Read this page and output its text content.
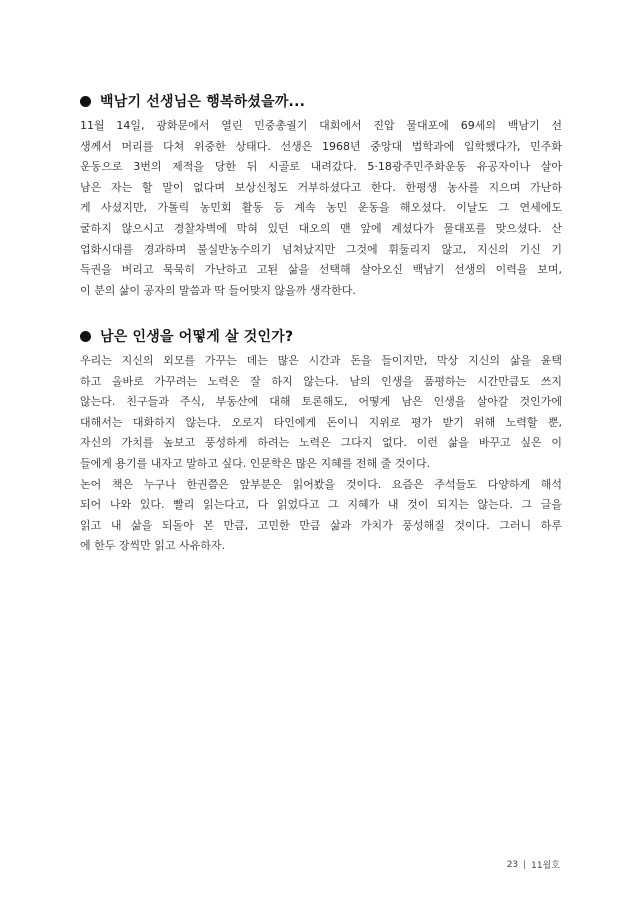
백남기 선생님은 행복하셨을까...
11월 14일, 광화문에서 열린 민중총궐기 대회에서 진압 물대포에 69세의 백남기 선
생께서 머리를 다쳐 위중한 상태다. 선생은 1968년 중앙대 법학과에 입학했다가, 민주화
운동으로 3번의 제적을 당한 뒤 시골로 내려갔다. 5·18광주민주화운동 유공자이나 살아
남은 자는 할 말이 없다며 보상신청도 거부하셨다고 한다. 한평생 농사를 지으며 가난하
게 사셨지만, 가톨릭 농민회 활동 등 계속 농민 운동을 해오셨다. 이날도 그 연세에도
굴하지 않으시고 경찰차벽에 막혀 있던 대오의 맨 앞에 계셨다가 물대포를 맞으셨다. 산
업화시대를 경과하며 불실반농수의기 넘쳐났지만 그것에 휘둘리지 않고, 지신의 기신 기
득권을 버리고 묵묵히 가난하고 고된 삶을 선택해 살아오신 백남기 선생의 이력을 보며,
이 분의 삶이 공자의 말씀과 딱 들어맞지 않을까 생각한다.
남은 인생을 어떻게 살 것인가?
우리는 지신의 외모를 가꾸는 데는 많은 시간과 돈을 들이지만, 막상 지신의 삶을 윤택
하고 올바로 가꾸려는 노력은 잘 하지 않는다. 남의 인생을 품평하는 시간만큼도 쓰지
않는다. 친구들과 주식, 부동산에 대해 토론해도, 어떻게 남은 인생을 살아갈 것인가에
대해서는 대화하지 않는다. 오로지 타인에게 돈이니 지위로 평가 받기 위해 노력할 뿐,
자신의 가치를 높보고 풍성하게 하려는 노력은 그다지 없다. 이런 삶을 바꾸고 싶은 이
들에게 용기를 내자고 말하고 싶다. 인문학은 많은 지혜를 전해 줄 것이다.
논어 책은 누구나 한권쯤은 앞부분은 읽어봤을 것이다. 요즘은 주석들도 다양하게 해석
되어 나와 있다. 빨리 읽는다고, 다 읽었다고 그 지혜가 내 것이 되지는 않는다. 그 글을
읽고 내 삶을 되돌아 본 만큼, 고민한 만큼 삶과 가치가 풍성해질 것이다. 그러니 하루
에 한두 장씩만 읽고 사유하자.
23 11월호
